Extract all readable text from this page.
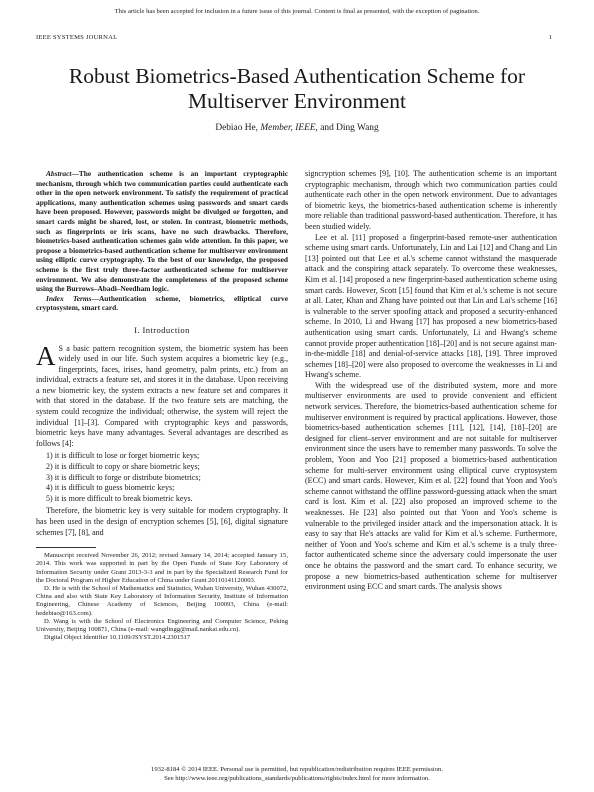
This article has been accepted for inclusion in a future issue of this journal. Content is final as presented, with the exception of pagination.
IEEE SYSTEMS JOURNAL	1
Robust Biometrics-Based Authentication Scheme for Multiserver Environment
Debiao He, Member, IEEE, and Ding Wang

Abstract—The authentication scheme is an important cryptographic mechanism, through which two communication parties could authenticate each other in the open network environment. To satisfy the requirement of practical applications, many authentication schemes using passwords and smart cards have been proposed. However, passwords might be divulged or forgotten, and smart cards might be shared, lost, or stolen. In contrast, biometric methods, such as fingerprints or iris scans, have no such drawbacks. Therefore, biometrics-based authentication schemes gain wide attention. In this paper, we propose a biometrics-based authentication scheme for multiserver environment using elliptic curve cryptography. To the best of our knowledge, the proposed scheme is the first truly three-factor authenticated scheme for multiserver environment. We also demonstrate the completeness of the proposed scheme using the Burrows–Abadi–Needham logic.

Index Terms—Authentication scheme, biometrics, elliptical curve cryptosystem, smart card.

I. Introduction

A S a basic pattern recognition system, the biometric system has been widely used in our life. Such system acquires a biometric key (e.g., fingerprints, faces, irises, hand geometry, palm prints, etc.) from an individual, extracts a feature set, and stores it in the database. Upon receiving a new biometric key, the system extracts a new feature set and compares it with that stored in the database. If the two feature sets are matching, the system could recognize the individual; otherwise, the system will reject the individual [1]–[3]. Compared with cryptographic keys and passwords, biometric keys have many advantages. Several advantages are described as follows [4]:

1) it is difficult to lose or forget biometric keys;
2) it is difficult to copy or share biometric keys;
3) it is difficult to forge or distribute biometrics;
4) it is difficult to guess biometric keys;
5) it is more difficult to break biometric keys.

Therefore, the biometric key is very suitable for modern cryptography. It has been used in the design of encryption schemes [5], [6], digital signature schemes [7], [8], and

Manuscript received November 26, 2012; revised January 14, 2014; accepted January 15, 2014. This work was supported in part by the Open Funds of State Key Laboratory of Information Security under Grant 2013-3-3 and in part by the Specialized Research Fund for the Doctoral Program of Higher Education of China under Grant 20110141120003.

D. He is with the School of Mathematics and Statistics, Wuhan University, Wuhan 430072, China and also with State Key Laboratory of Information Security, Institute of Information Engineering, Chinese Academy of Sciences, Beijing 100093, China (e-mail: hedebiao@163.com).

D. Wang is with the School of Electronics Engineering and Computer Science, Peking University, Beijing 100871, China (e-mail: wangdingg@mail.nankai.edu.cn).

Digital Object Identifier 10.1109/JSYST.2014.2301517

signcryption schemes [9], [10]. The authentication scheme is an important cryptographic mechanism, through which two communication parties could authenticate each other in the open network environment. Due to advantages of biometric keys, the biometrics-based authentication scheme is inherently more reliable than traditional password-based authentication. Therefore, it has been studied widely.

Lee et al. [11] proposed a fingerprint-based remote-user authentication scheme using smart cards. Unfortunately, Lin and Lai [12] and Chang and Lin [13] pointed out that Lee et al.'s scheme cannot withstand the masquerade attack and the conspiring attack separately. To overcome these weaknesses, Kim et al. [14] proposed a new fingerprint-based authentication scheme using smart cards. However, Scott [15] found that Kim et al.'s scheme is not secure at all. Later, Khan and Zhang have pointed out that Lin and Lai's scheme [16] is vulnerable to the server spoofing attack and proposed a security-enhanced scheme. In 2010, Li and Hwang [17] has proposed a new biometrics-based authentication using smart cards. Unfortunately, Li and Hwang's scheme cannot provide proper authentication [18]–[20] and is not secure against man-in-the-middle [18] and denial-of-service attacks [18], [19]. Three improved schemes [18]–[20] were also proposed to overcome the weaknesses in Li and Hwang's scheme.

With the widespread use of the distributed system, more and more multiserver environments are used to provide convenient and efficient network services. Therefore, the biometrics-based authentication scheme for multiserver environment is required by practical applications. However, those biometrics-based authentication schemes [11], [12], [14], [18]–[20] are designed for client–server environment and are not suitable for multiserver environment since the users have to remember many passwords. To solve the problem, Yoon and Yoo [21] proposed a biometrics-based authentication scheme for multi-server environment using elliptical curve cryptosystem (ECC) and smart cards. However, Kim et al. [22] found that Yoon and Yoo's scheme cannot withstand the offline password-guessing attack when the smart card is lost. Kim et al. [22] also proposed an improved scheme to the weaknesses. He [23] also pointed out that Yoon and Yoo's scheme is vulnerable to the privileged insider attack and the impersonation attack. It is easy to say that He's attacks are valid for Kim et al.'s scheme. Furthermore, neither of Yoon and Yoo's scheme and Kim et al.'s scheme is a truly three-factor authenticated scheme since the adversary could impersonate the user once he obtains the password and the smart card. To enhance security, we propose a new biometrics-based authentication scheme for multiserver environment using ECC and smart cards. The analysis shows

1932-8184 © 2014 IEEE. Personal use is permitted, but republication/redistribution requires IEEE permission.
See http://www.ieee.org/publications_standards/publications/rights/index.html for more information.
